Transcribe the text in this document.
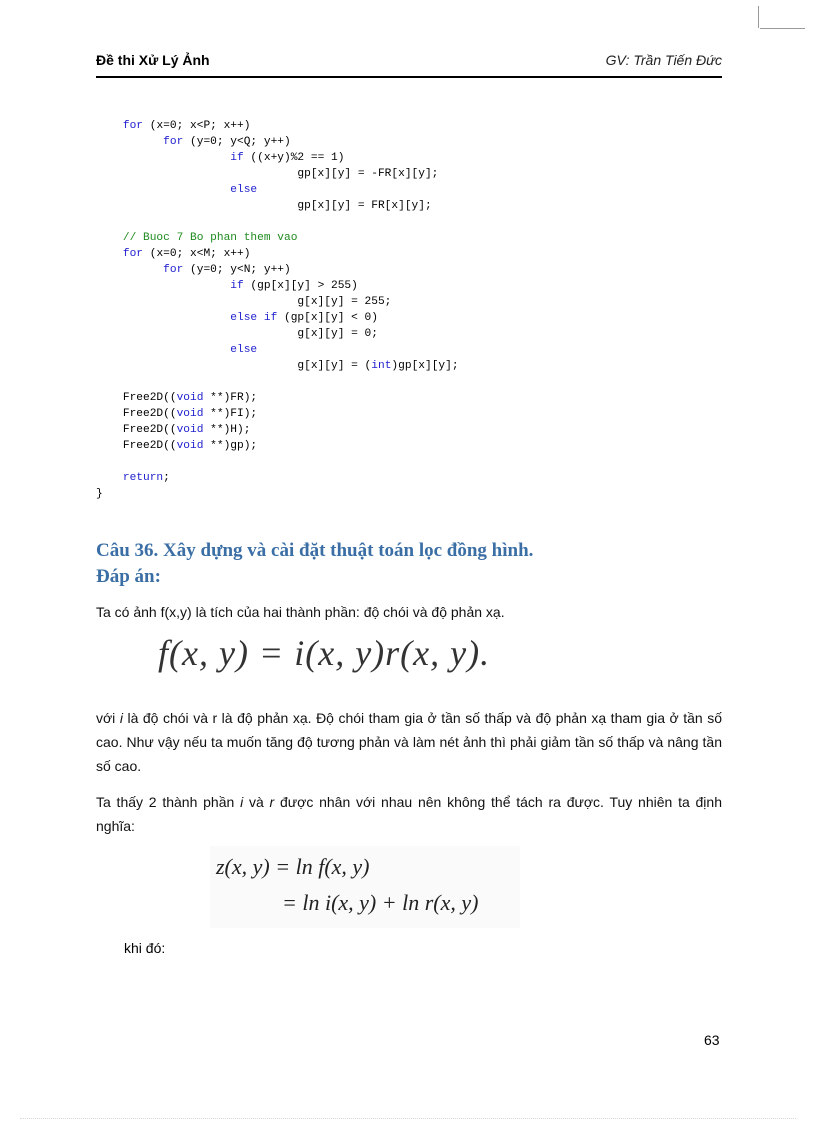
Đề thi Xử Lý Ảnh	GV: Trần Tiến Đức
for (x=0; x<P; x++)
for (y=0; y<Q; y++)
if ((x+y)%2 == 1)
gp[x][y] = -FR[x][y];
else
gp[x][y] = FR[x][y];
// Buoc 7 Bo phan them vao
for (x=0; x<M; x++)
for (y=0; y<N; y++)
if (gp[x][y] > 255)
g[x][y] = 255;
else if (gp[x][y] < 0)
g[x][y] = 0;
else
g[x][y] = (int)gp[x][y];
Free2D((void **)FR);
Free2D((void **)FI);
Free2D((void **)H);
Free2D((void **)gp);
return;
}
Câu 36. Xây dựng và cài đặt thuật toán lọc đồng hình.
Đáp án:
Ta có ảnh f(x,y) là tích của hai thành phần: độ chói và độ phản xạ.
f(x, y) = i(x, y)r(x, y).
với i là độ chói và r là độ phản xạ. Độ chói tham gia ở tần số thấp và độ phản xạ tham gia ở tần số cao. Như vậy nếu ta muốn tăng độ tương phản và làm nét ảnh thì phải giảm tần số thấp và nâng tần số cao.
Ta thấy 2 thành phần i và r được nhân với nhau nên không thể tách ra được. Tuy nhiên ta định nghĩa:
z(x, y) = ln f(x, y)
= ln i(x, y) + ln r(x, y)
khi đó:
63
